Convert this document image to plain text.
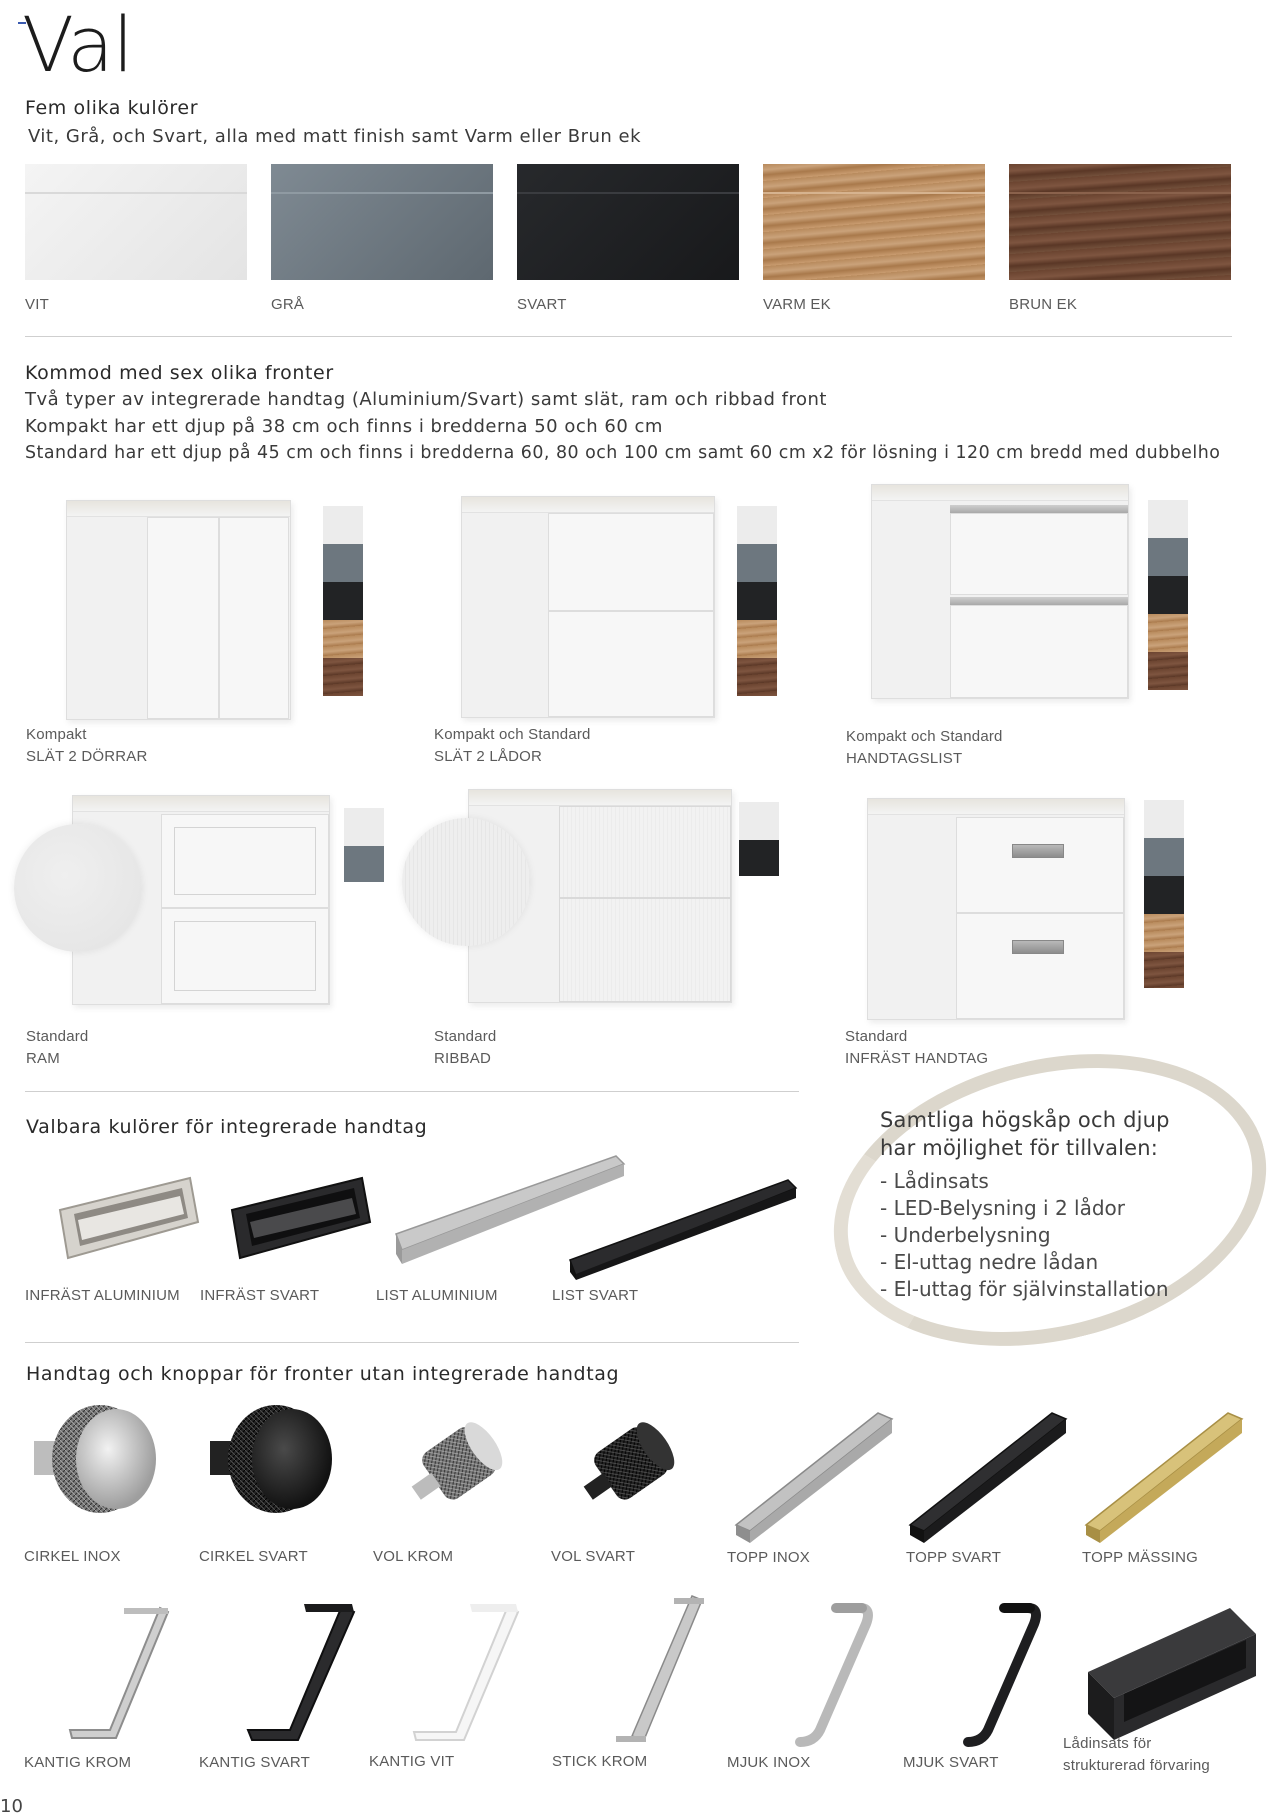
Val
Fem olika kulörer
Vit, Grå, och Svart, alla med matt finish samt Varm eller Brun ek
VIT	GRÅ	SVART	VARM EK	BRUN EK
Kommod med sex olika fronter
Två typer av integrerade handtag (Aluminium/Svart) samt slät, ram och ribbad front
Kompakt har ett djup på 38 cm och finns i bredderna 50 och 60 cm
Standard har ett djup på 45 cm och finns i bredderna 60, 80 och 100 cm samt 60 cm x2 för lösning i 120 cm bredd med dubbelho
Kompakt
SLÄT 2 DÖRRAR
Kompakt och Standard
SLÄT 2 LÅDOR
Kompakt och Standard
HANDTAGSLIST
Standard
RAM
Standard
RIBBAD
Standard
INFRÄST HANDTAG
Valbara kulörer för integrerade handtag
INFRÄST ALUMINIUM INFRÄST SVART	LIST ALUMINIUM	LIST SVART
Samtliga högskåp och djup
har möjlighet för tillvalen:
- Lådinsats
- LED-Belysning i 2 lådor
- Underbelysning
- El-uttag nedre lådan
- El-uttag för självinstallation
Handtag och knoppar för fronter utan integrerade handtag
CIRKEL INOX	CIRKEL SVART	VOL KROM	VOL SVART	TOPP INOX	TOPP SVART	TOPP MÄSSING
KANTIG KROM	KANTIG SVART	KANTIG VIT	STICK KROM	MJUK INOX	MJUK SVART
Lådinsats för
strukturerad förvaring
10
